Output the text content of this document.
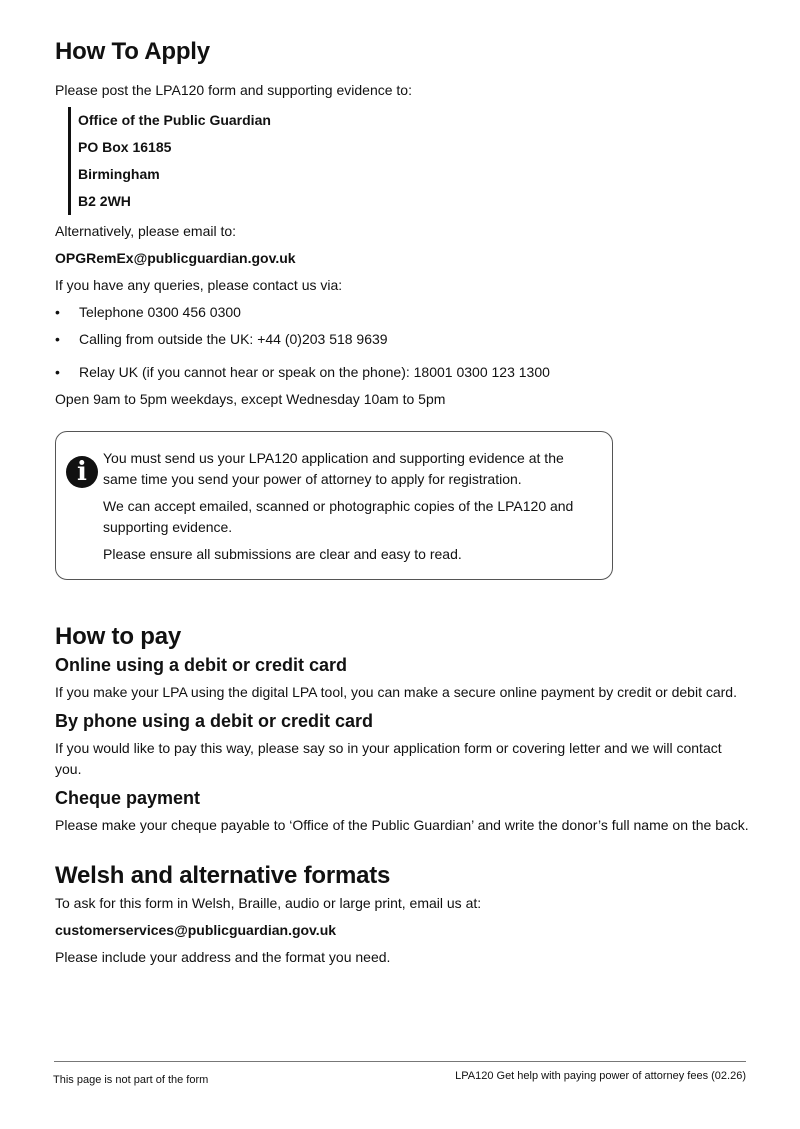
How To Apply

Please post the LPA120 form and supporting evidence to:

Office of the Public Guardian

PO Box 16185

Birmingham

B2 2WH

Alternatively, please email to:

OPGRemEx@publicguardian.gov.uk

If you have any queries, please contact us via:

• Telephone 0300 456 0300
• Calling from outside the UK: +44 (0)203 518 9639
• Relay UK (if you cannot hear or speak on the phone): 18001 0300 123 1300

Open 9am to 5pm weekdays, except Wednesday 10am to 5pm

i	You must send us your LPA120 application and supporting evidence at the same time you send your power of attorney to apply for registration.

We can accept emailed, scanned or photographic copies of the LPA120 and supporting evidence.

Please ensure all submissions are clear and easy to read.

How to pay
Online using a debit or credit card

If you make your LPA using the digital LPA tool, you can make a secure online payment by credit or debit card.

By phone using a debit or credit card

If you would like to pay this way, please say so in your application form or covering letter and we will contact you.

Cheque payment

Please make your cheque payable to ‘Office of the Public Guardian’ and write the donor’s full name on the back.

Welsh and alternative formats

To ask for this form in Welsh, Braille, audio or large print, email us at:

customerservices@publicguardian.gov.uk

Please include your address and the format you need.

This page is not part of the form	LPA120 Get help with paying power of attorney fees (02.26)
